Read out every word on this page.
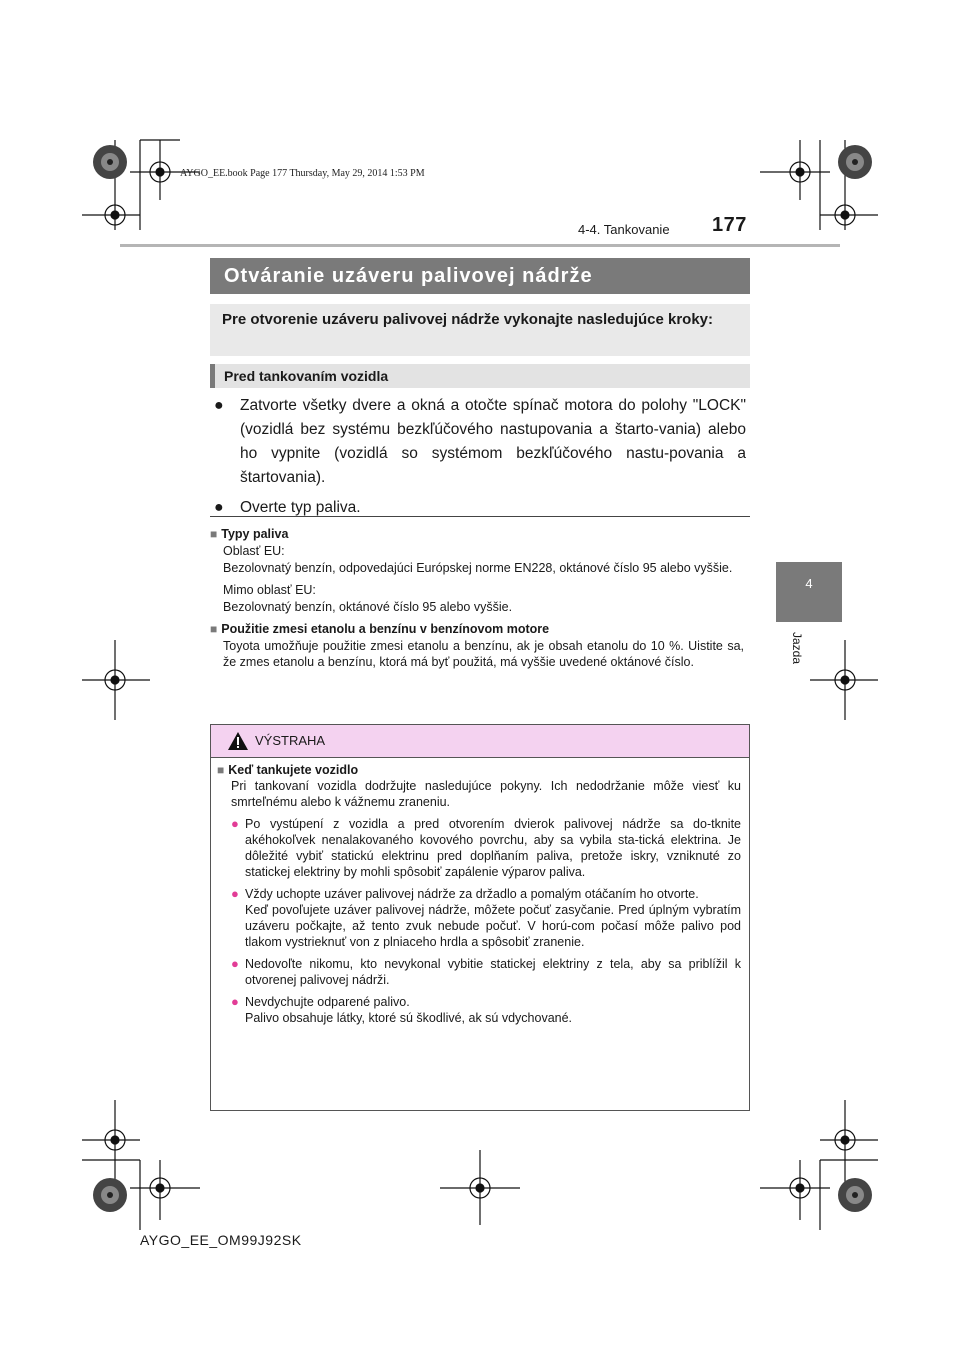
AYGO_EE.book Page 177 Thursday, May 29, 2014 1:53 PM
4-4. Tankovanie 177
4
Jazda
Otváranie uzáveru palivovej nádrže
Pre otvorenie uzáveru palivovej nádrže vykonajte nasledujúce kroky:
Pred tankovaním vozidla
●	Zatvorte všetky dvere a okná a otočte spínač motora do polohy "LOCK" (vozidlá bez systému bezkľúčového nastupovania a štarto-vania) alebo ho vypnite (vozidlá so systémom bezkľúčového nastu-povania a štartovania).
●	Overte typ paliva.
■ Typy paliva
Oblasť EU:
Bezolovnatý benzín, odpovedajúci Európskej norme EN228, oktánové číslo 95 alebo vyššie.
Mimo oblasť EU:
Bezolovnatý benzín, oktánové číslo 95 alebo vyššie.
■ Použitie zmesi etanolu a benzínu v benzínovom motore
Toyota umožňuje použitie zmesi etanolu a benzínu, ak je obsah etanolu do 10 %. Uistite sa, že zmes etanolu a benzínu, ktorá má byť použitá, má vyššie uvedené oktánové číslo.
VÝSTRAHA
■ Keď tankujete vozidlo
Pri tankovaní vozidla dodržujte nasledujúce pokyny. Ich nedodržanie môže viesť ku smrteľnému alebo k vážnemu zraneniu.
● Po vystúpení z vozidla a pred otvorením dvierok palivovej nádrže sa do-tknite akéhokoľvek nenalakovaného kovového povrchu, aby sa vybila sta-tická elektrina. Je dôležité vybiť statickú elektrinu pred doplňaním paliva, pretože iskry, vzniknuté zo statickej elektriny by mohli spôsobiť zapálenie výparov paliva.
● Vždy uchopte uzáver palivovej nádrže za držadlo a pomalým otáčaním ho otvorte.
Keď povoľujete uzáver palivovej nádrže, môžete počuť zasyčanie. Pred úplným vybratím uzáveru počkajte, až tento zvuk nebude počuť. V horú-com počasí môže palivo pod tlakom vystrieknuť von z plniaceho hrdla a spôsobiť zranenie.
● Nedovoľte nikomu, kto nevykonal vybitie statickej elektriny z tela, aby sa priblížil k otvorenej palivovej nádrži.
● Nevdychujte odparené palivo.
Palivo obsahuje látky, ktoré sú škodlivé, ak sú vdychované.
AYGO_EE_OM99J92SK
